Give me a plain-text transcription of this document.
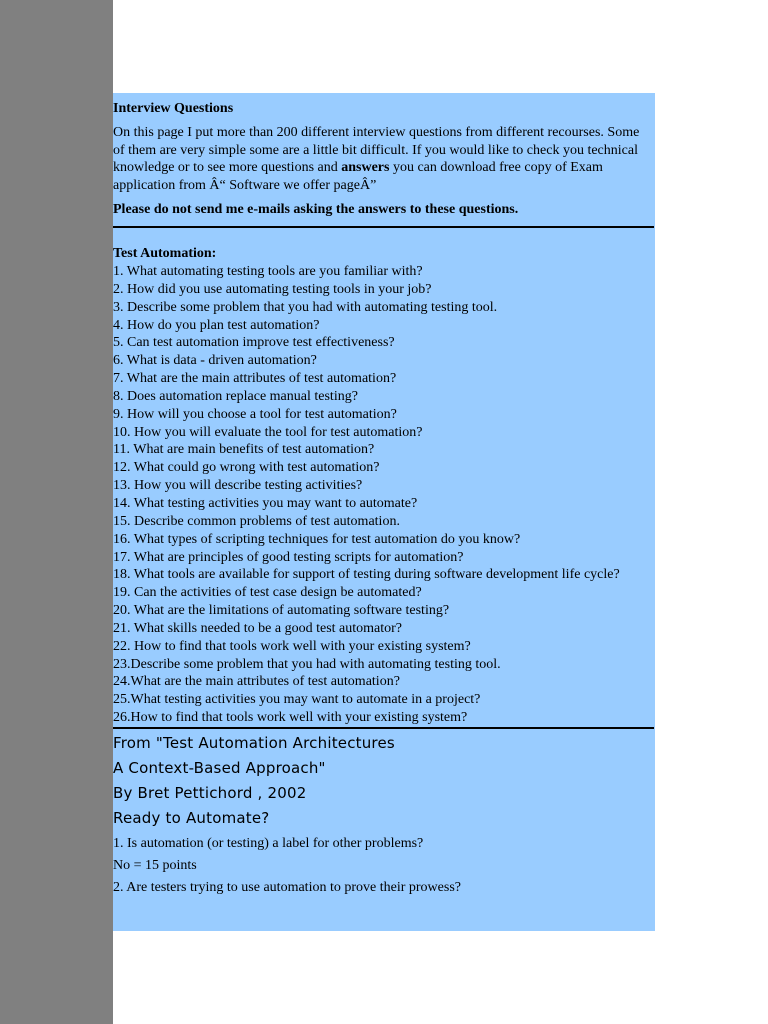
Interview Questions

On this page I put more than 200 different interview questions from different recourses. Some of them are very simple some are a little bit difficult. If you would like to check you technical knowledge or to see more questions and answers you can download free copy of Exam application from Â“ Software we offer pageÂ”

Please do not send me e-mails asking the answers to these questions.
Test Automation:
1. What automating testing tools are you familiar with?
2. How did you use automating testing tools in your job?
3. Describe some problem that you had with automating testing tool.
4. How do you plan test automation?
5. Can test automation improve test effectiveness?
6. What is data - driven automation?
7. What are the main attributes of test automation?
8. Does automation replace manual testing?
9. How will you choose a tool for test automation?
10. How you will evaluate the tool for test automation?
11. What are main benefits of test automation?
12. What could go wrong with test automation?
13. How you will describe testing activities?
14. What testing activities you may want to automate?
15. Describe common problems of test automation.
16. What types of scripting techniques for test automation do you know?
17. What are principles of good testing scripts for automation?
18. What tools are available for support of testing during software development life cycle?
19. Can the activities of test case design be automated?
20. What are the limitations of automating software testing?
21. What skills needed to be a good test automator?
22. How to find that tools work well with your existing system?
23.Describe some problem that you had with automating testing tool.
24.What are the main attributes of test automation?
25.What testing activities you may want to automate in a project?
26.How to find that tools work well with your existing system?
From "Test Automation Architectures
A Context-Based Approach"
By Bret Pettichord , 2002
Ready to Automate?
1. Is automation (or testing) a label for other problems?
No = 15 points
2. Are testers trying to use automation to prove their prowess?
